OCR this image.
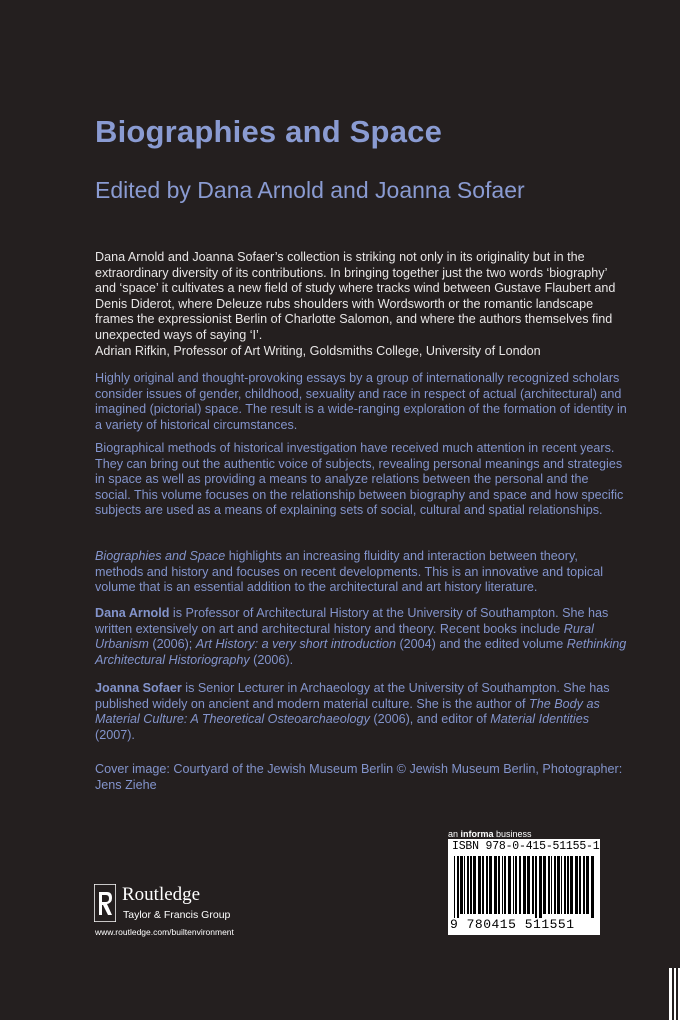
Biographies and Space
Edited by Dana Arnold and Joanna Sofaer
Dana Arnold and Joanna Sofaer’s collection is striking not only in its originality but in the extraordinary diversity of its contributions. In bringing together just the two words ‘biography’ and ‘space’ it cultivates a new field of study where tracks wind between Gustave Flaubert and Denis Diderot, where Deleuze rubs shoulders with Wordsworth or the romantic landscape frames the expressionist Berlin of Charlotte Salomon, and where the authors themselves find unexpected ways of saying ‘I’.
Adrian Rifkin, Professor of Art Writing, Goldsmiths College, University of London
Highly original and thought-provoking essays by a group of internationally recognized scholars consider issues of gender, childhood, sexuality and race in respect of actual (architectural) and imagined (pictorial) space. The result is a wide-ranging exploration of the formation of identity in a variety of historical circumstances.
Biographical methods of historical investigation have received much attention in recent years. They can bring out the authentic voice of subjects, revealing personal meanings and strategies in space as well as providing a means to analyze relations between the personal and the social. This volume focuses on the relationship between biography and space and how specific subjects are used as a means of explaining sets of social, cultural and spatial relationships.
Biographies and Space highlights an increasing fluidity and interaction between theory, methods and history and focuses on recent developments. This is an innovative and topical volume that is an essential addition to the architectural and art history literature.
Dana Arnold is Professor of Architectural History at the University of Southampton. She has written extensively on art and architectural history and theory. Recent books include Rural Urbanism (2006); Art History: a very short introduction (2004) and the edited volume Rethinking Architectural Historiography (2006).
Joanna Sofaer is Senior Lecturer in Archaeology at the University of Southampton. She has published widely on ancient and modern material culture. She is the author of The Body as Material Culture: A Theoretical Osteoarchaeology (2006), and editor of Material Identities (2007).
Cover image: Courtyard of the Jewish Museum Berlin © Jewish Museum Berlin, Photographer: Jens Ziehe
an informa business
ISBN 978-0-415-51155-1
9 780415 511551
Routledge
Taylor & Francis Group
www.routledge.com/builtenvironment
